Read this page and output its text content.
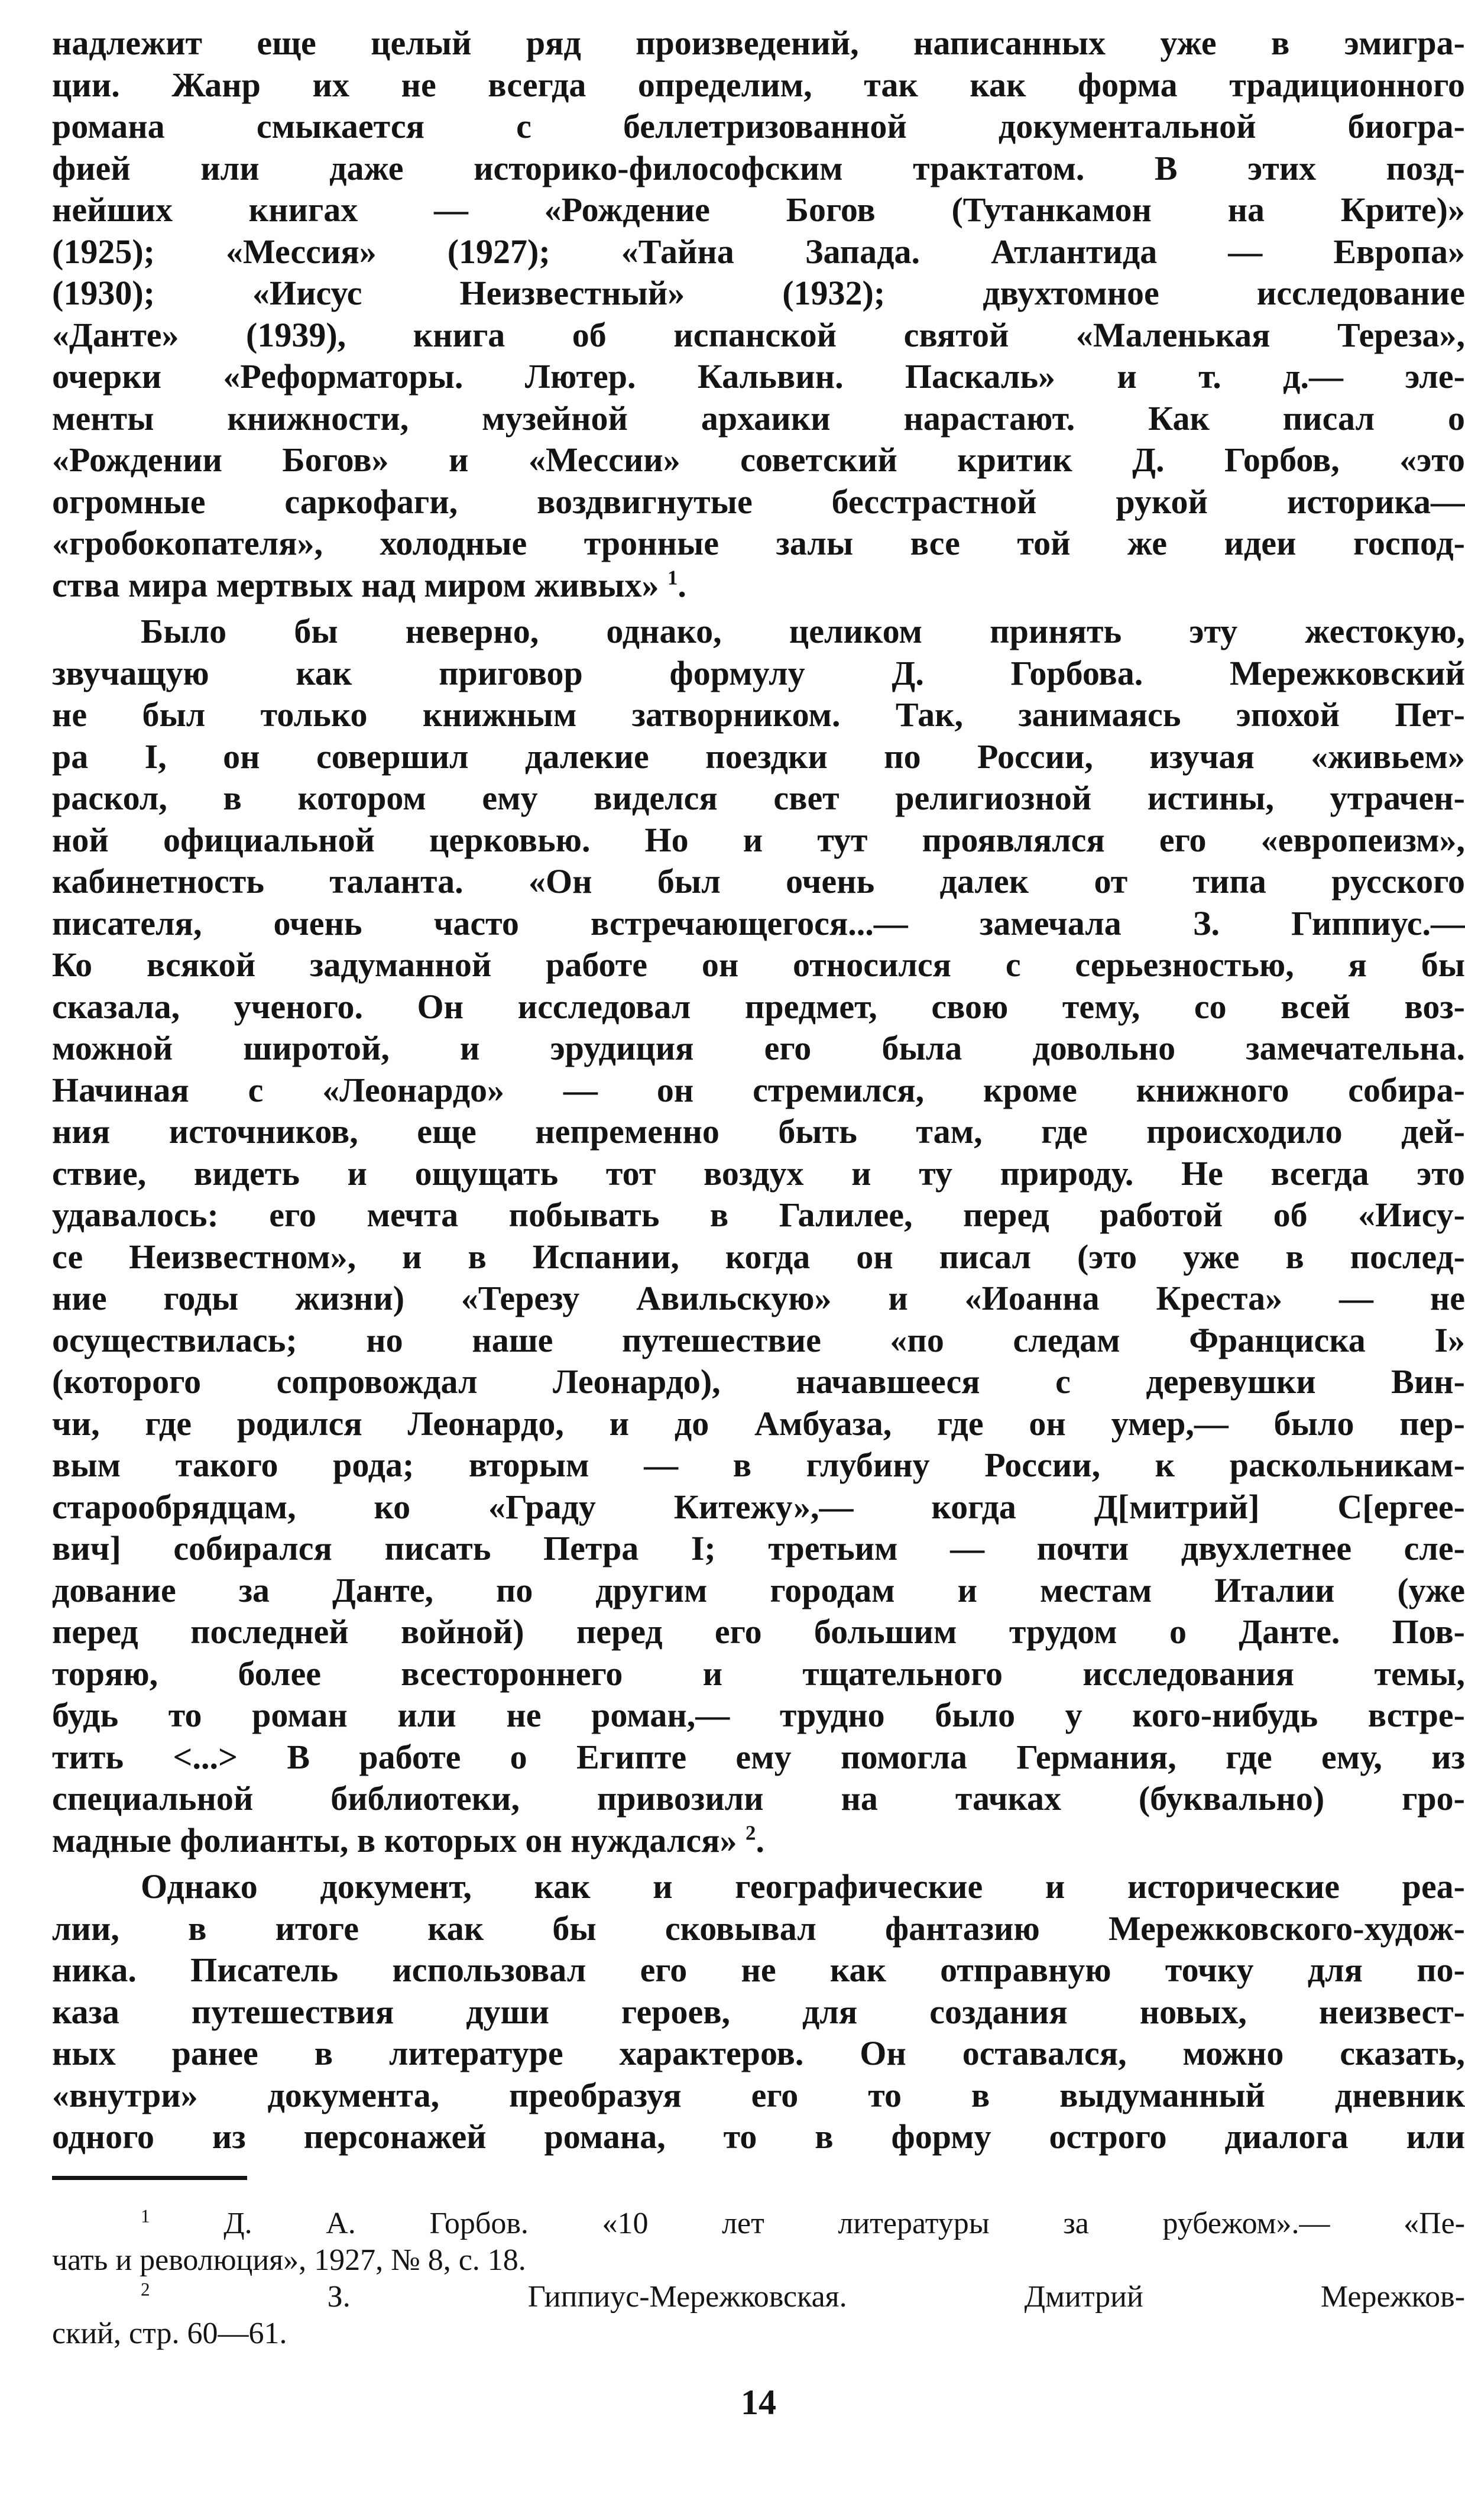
надлежит еще целый ряд произведений, написанных уже в эмигра-
ции. Жанр их не всегда определим, так как форма традиционного
романа смыкается с беллетризованной документальной биогра-
фией или даже историко-философским трактатом. В этих позд-
нейших книгах — «Рождение Богов (Тутанкамон на Крите)»
(1925); «Мессия» (1927); «Тайна Запада. Атлантида — Европа»
(1930); «Иисус Неизвестный» (1932); двухтомное исследование
«Данте» (1939), книга об испанской святой «Маленькая Тереза»,
очерки «Реформаторы. Лютер. Кальвин. Паскаль» и т. д.— эле-
менты книжности, музейной архаики нарастают. Как писал о
«Рождении Богов» и «Мессии» советский критик Д. Горбов, «это
огромные саркофаги, воздвигнутые бесстрастной рукой историка—
«гробокопателя», холодные тронные залы все той же идеи господ-
ства мира мертвых над миром живых» $^1$.
Было бы неверно, однако, целиком принять эту жестокую,
звучащую как приговор формулу Д. Горбова. Мережковский
не был только книжным затворником. Так, занимаясь эпохой Пет-
ра I, он совершил далекие поездки по России, изучая «живьем»
раскол, в котором ему виделся свет религиозной истины, утрачен-
ной официальной церковью. Но и тут проявлялся его «европеизм»,
кабинетность таланта. «Он был очень далек от типа русского
писателя, очень часто встречающегося...— замечала З. Гиппиус.—
Ко всякой задуманной работе он относился с серьезностью, я бы
сказала, ученого. Он исследовал предмет, свою тему, со всей воз-
можной широтой, и эрудиция его была довольно замечательна.
Начиная с «Леонардо» — он стремился, кроме книжного собира-
ния источников, еще непременно быть там, где происходило дей-
ствие, видеть и ощущать тот воздух и ту природу. Не всегда это
удавалось: его мечта побывать в Галилее, перед работой об «Иису-
се Неизвестном», и в Испании, когда он писал (это уже в послед-
ние годы жизни) «Терезу Авильскую» и «Иоанна Креста» — не
осуществилась; но наше путешествие «по следам Франциска I»
(которого сопровождал Леонардо), начавшееся с деревушки Вин-
чи, где родился Леонардо, и до Амбуаза, где он умер,— было пер-
вым такого рода; вторым — в глубину России, к раскольникам-
старообрядцам, ко «Граду Китежу»,— когда Д[митрий] С[ергее-
вич] собирался писать Петра I; третьим — почти двухлетнее сле-
дование за Данте, по другим городам и местам Италии (уже
перед последней войной) перед его большим трудом о Данте. Пов-
торяю, более всестороннего и тщательного исследования темы,
будь то роман или не роман,— трудно было у кого-нибудь встре-
тить <...> В работе о Египте ему помогла Германия, где ему, из
специальной библиотеки, привозили на тачках (буквально) гро-
мадные фолианты, в которых он нуждался» $^2$.
Однако документ, как и географические и исторические реа-
лии, в итоге как бы сковывал фантазию Мережковского-худож-
ника. Писатель использовал его не как отправную точку для по-
каза путешествия души героев, для создания новых, неизвест-
ных ранее в литературе характеров. Он оставался, можно сказать,
«внутри» документа, преобразуя его то в выдуманный дневник
одного из персонажей романа, то в форму острого диалога или
$^1$ Д. А. Горбов. «10 лет литературы за рубежом».— «Пе-
чать и революция», 1927, № 8, с. 18.
$^2$	З. Гиппиус-Мережковская. Дмитрий Мережков-
ский, стр. 60—61.
14
